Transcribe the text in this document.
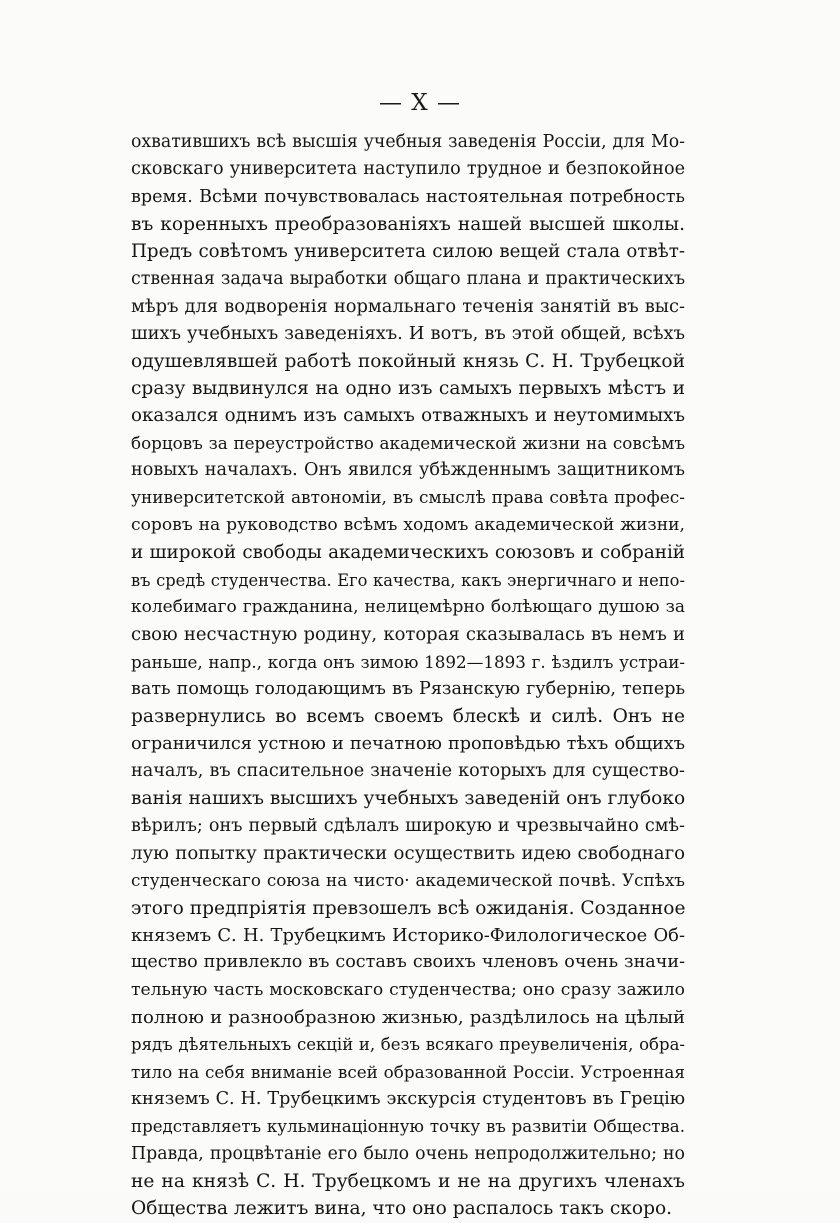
— X —
охватившихъ всѣ высшія учебныя заведенія Россіи, для Мо-
сковскаго университета наступило трудное и безпокойное
время. Всѣми почувствовалась настоятельная потребность
въ коренныхъ преобразованіяхъ нашей высшей школы.
Предъ совѣтомъ университета силою вещей стала отвѣт-
ственная задача выработки общаго плана и практическихъ
мѣръ для водворенія нормальнаго теченія занятій въ выс-
шихъ учебныхъ заведеніяхъ. И вотъ, въ этой общей, всѣхъ
одушевлявшей работѣ покойный князь С. Н. Трубецкой
сразу выдвинулся на одно изъ самыхъ первыхъ мѣстъ и
оказался однимъ изъ самыхъ отважныхъ и неутомимыхъ
борцовъ за переустройство академической жизни на совсѣмъ
новыхъ началахъ. Онъ явился убѣжденнымъ защитникомъ
университетской автономіи, въ смыслѣ права совѣта профес-
соровъ на руководство всѣмъ ходомъ академической жизни,
и широкой свободы академическихъ союзовъ и собраній
въ средѣ студенчества. Его качества, какъ энергичнаго и непо-
колебимаго гражданина, нелицемѣрно болѣющаго душою за
свою несчастную родину, которая сказывалась въ немъ и
раньше, напр., когда онъ зимою 1892—1893 г. ѣздилъ устраи-
вать помощь голодающимъ въ Рязанскую губернію, теперь
развернулись во всемъ своемъ блескѣ и силѣ. Онъ не
ограничился устною и печатною проповѣдью тѣхъ общихъ
началъ, въ спасительное значеніе которыхъ для существо-
ванія нашихъ высшихъ учебныхъ заведеній онъ глубоко
вѣрилъ; онъ первый сдѣлалъ широкую и чрезвычайно смѣ-
лую попытку практически осуществить идею свободнаго
студенческаго союза на чисто· академической почвѣ. Успѣхъ
этого предпріятія превзошелъ всѣ ожиданія. Созданное
княземъ С. Н. Трубецкимъ Историко-Филологическое Об-
щество привлекло въ составъ своихъ членовъ очень значи-
тельную часть московскаго студенчества; оно сразу зажило
полною и разнообразною жизнью, раздѣлилось на цѣлый
рядъ дѣятельныхъ секцій и, безъ всякаго преувеличенія, обра-
тило на себя вниманіе всей образованной Россіи. Устроенная
княземъ С. Н. Трубецкимъ экскурсія студентовъ въ Грецію
представляетъ кульминаціонную точку въ развитіи Общества.
Правда, процвѣтаніе его было очень непродолжительно; но
не на князѣ С. Н. Трубецкомъ и не на другихъ членахъ
Общества лежитъ вина, что оно распалось такъ скоро.
